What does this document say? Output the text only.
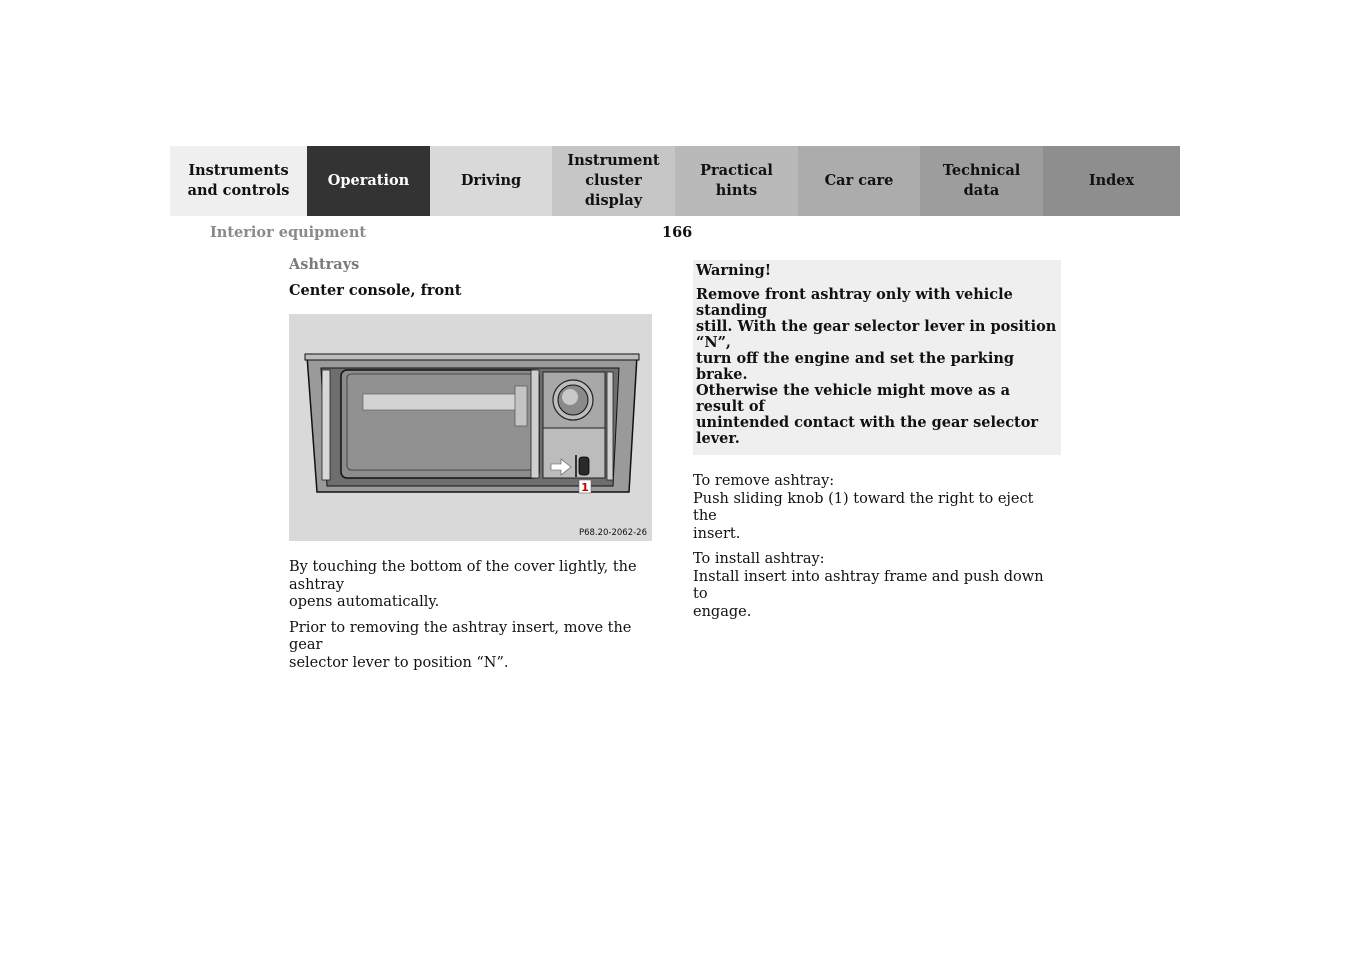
Instruments
and controls
Operation	Driving
Instrument
cluster display
Practical hints
Car care
Technical
data
Index
Interior equipment	166
Ashtrays
Center console, front
1
P68.20-2062-26

By touching the bottom of the cover lightly, the ashtray
opens automatically.

Prior to removing the ashtray insert, move the gear
selector lever to position “N”.

Warning!
Remove front ashtray only with vehicle standing
still. With the gear selector lever in position “N”,
turn off the engine and set the parking brake.
Otherwise the vehicle might move as a result of
unintended contact with the gear selector lever.

To remove ashtray:
Push sliding knob (1) toward the right to eject the
insert.

To install ashtray:
Install insert into ashtray frame and push down to
engage.
